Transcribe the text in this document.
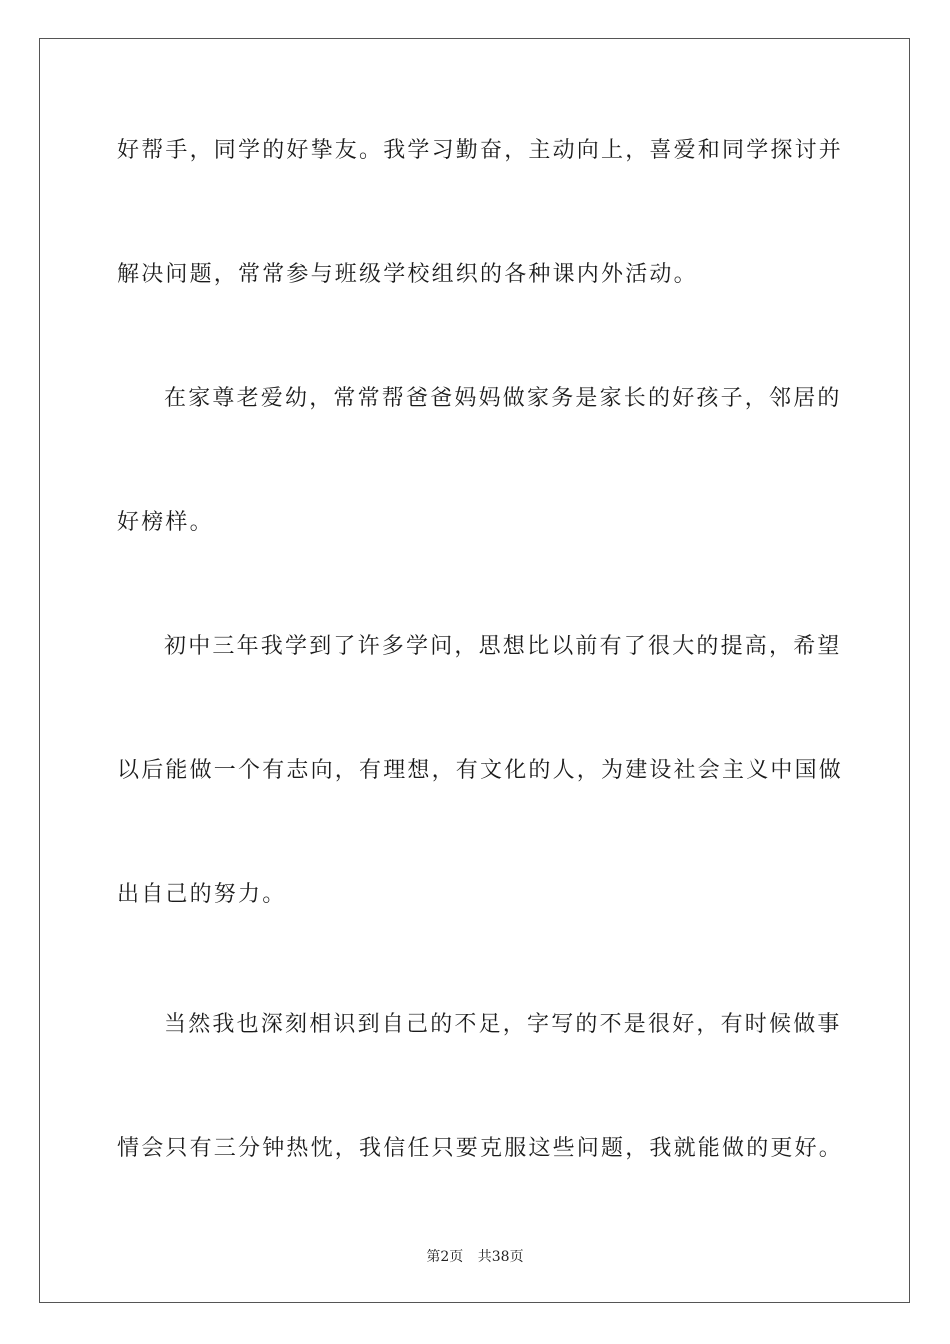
好帮手，同学的好挚友。我学习勤奋，主动向上，喜爱和同学探讨并
解决问题，常常参与班级学校组织的各种课内外活动。
在家尊老爱幼，常常帮爸爸妈妈做家务是家长的好孩子，邻居的
好榜样。
初中三年我学到了许多学问，思想比以前有了很大的提高，希望
以后能做一个有志向，有理想，有文化的人，为建设社会主义中国做
出自己的努力。
当然我也深刻相识到自己的不足，字写的不是很好，有时候做事
情会只有三分钟热忱，我信任只要克服这些问题，我就能做的更好。
第2页 共38页
